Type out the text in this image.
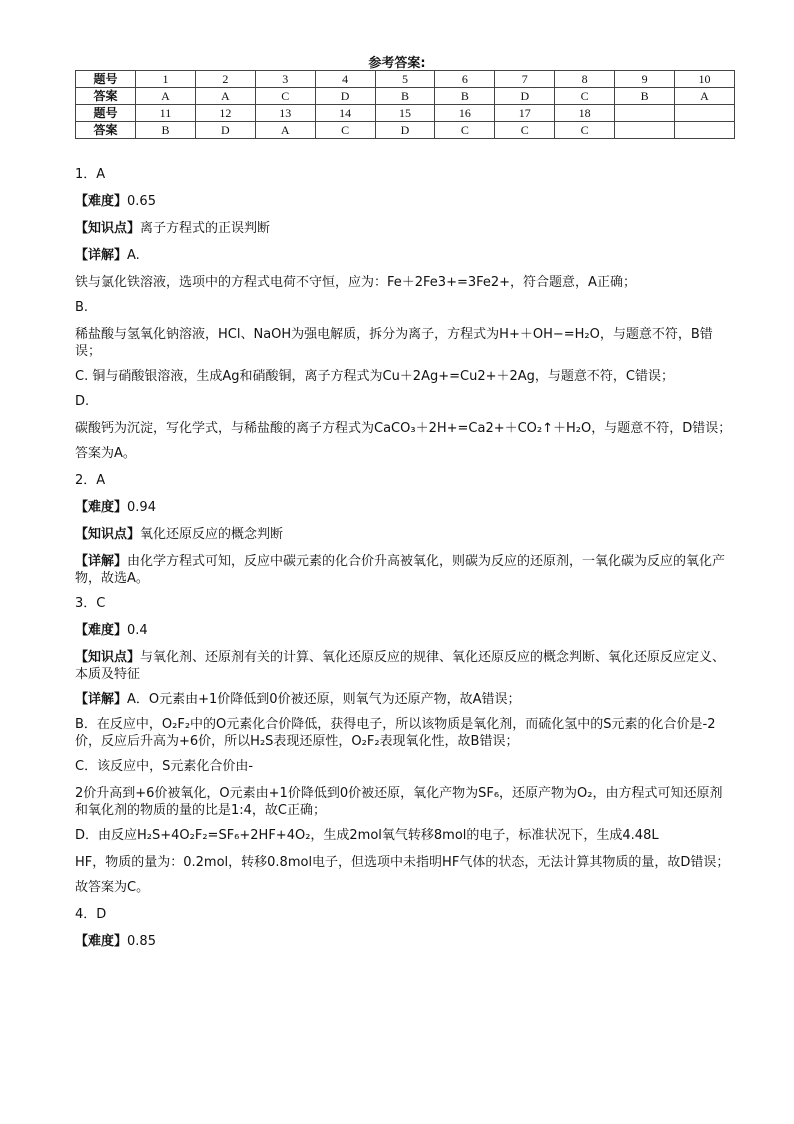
参考答案:
题号	1	2	3	4	5	6	7	8	9	10
答案	A	A	C	D	B	B	D	C	B	A
题号	11	12	13	14	15	16	17	18		
答案	B	D	A	C	D	C	C	C		
1．A
【难度】0.65
【知识点】离子方程式的正误判断
【详解】A.
铁与氯化铁溶液，选项中的方程式电荷不守恒，应为：Fe＋2Fe3+=3Fe2+，符合题意，A正确；
B.
稀盐酸与氢氧化钠溶液，HCl、NaOH为强电解质，拆分为离子，方程式为H+＋OH−=H₂O，与题意不符，B错误；
C. 铜与硝酸银溶液，生成Ag和硝酸铜，离子方程式为Cu＋2Ag+=Cu2+＋2Ag，与题意不符，C错误；
D.
碳酸钙为沉淀，写化学式，与稀盐酸的离子方程式为CaCO₃＋2H+=Ca2+＋CO₂↑＋H₂O，与题意不符，D错误；
答案为A。
2．A
【难度】0.94
【知识点】氧化还原反应的概念判断
【详解】由化学方程式可知，反应中碳元素的化合价升高被氧化，则碳为反应的还原剂，一氧化碳为反应的氧化产物，故选A。
3．C
【难度】0.4
【知识点】与氧化剂、还原剂有关的计算、氧化还原反应的规律、氧化还原反应的概念判断、氧化还原反应定义、本质及特征
【详解】A．O元素由+1价降低到0价被还原，则氧气为还原产物，故A错误；
B．在反应中，O₂F₂中的O元素化合价降低，获得电子，所以该物质是氧化剂，而硫化氢中的S元素的化合价是-2价，反应后升高为+6价，所以H₂S表现还原性，O₂F₂表现氧化性，故B错误；
C．该反应中，S元素化合价由-
2价升高到+6价被氧化，O元素由+1价降低到0价被还原，氧化产物为SF₆，还原产物为O₂，由方程式可知还原剂和氧化剂的物质的量的比是1:4，故C正确；
D．由反应H₂S+4O₂F₂=SF₆+2HF+4O₂，生成2mol氧气转移8mol的电子，标准状况下，生成4.48L
HF，物质的量为：0.2mol，转移0.8mol电子，但选项中未指明HF气体的状态，无法计算其物质的量，故D错误；
故答案为C。
4．D
【难度】0.85
